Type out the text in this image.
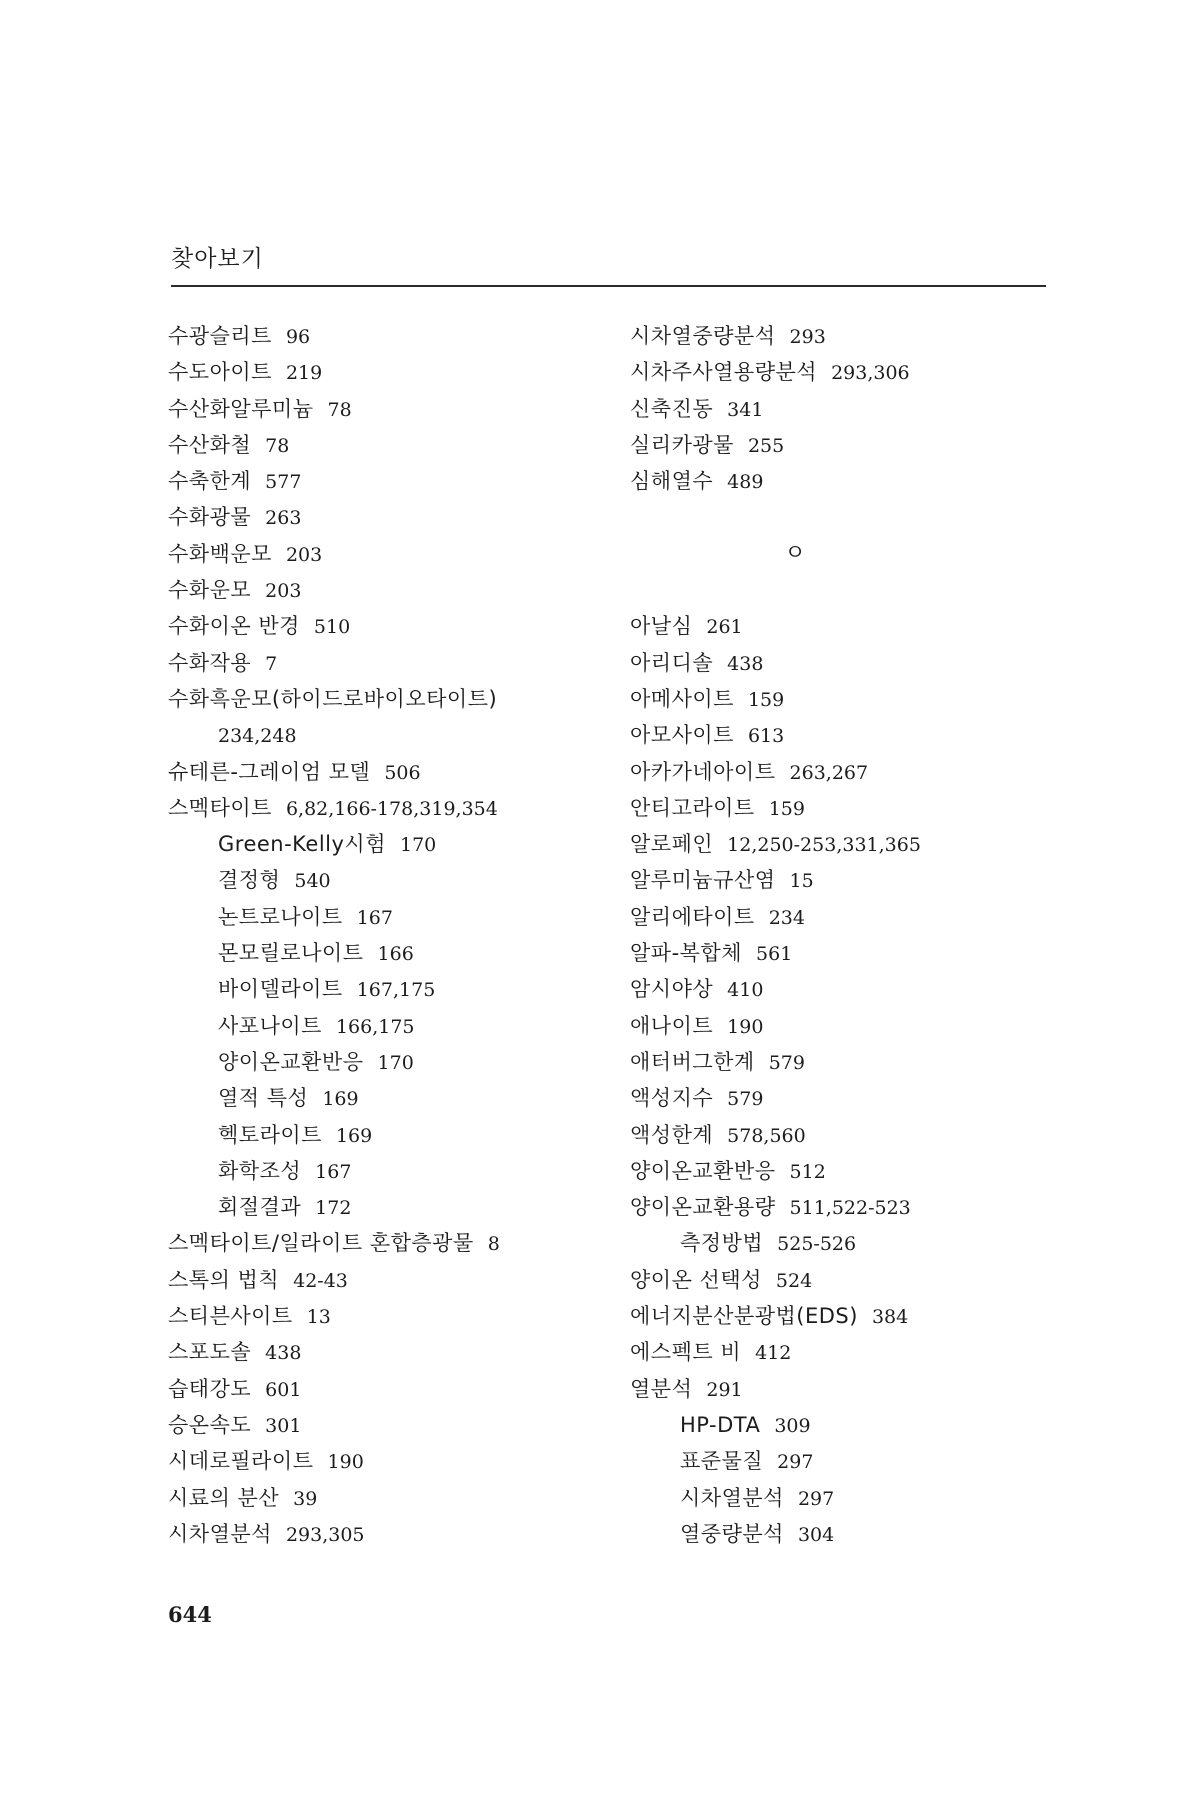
찾아보기
수광슬리트 96
수도아이트 219
수산화알루미늄 78
수산화철 78
수축한계 577
수화광물 263
수화백운모 203
수화운모 203
수화이온 반경 510
수화작용 7
수화흑운모(하이드로바이오타이트)
234,248
슈테른-그레이엄 모델 506
스멕타이트 6,82,166-178,319,354
Green-Kelly시험 170
결정형 540
논트로나이트 167
몬모릴로나이트 166
바이델라이트 167,175
사포나이트 166,175
양이온교환반응 170
열적 특성 169
헥토라이트 169
화학조성 167
회절결과 172
스멕타이트/일라이트 혼합층광물 8
스톡의 법칙 42-43
스티븐사이트 13
스포도솔 438
습태강도 601
승온속도 301
시데로필라이트 190
시료의 분산 39
시차열분석 293,305
시차열중량분석 293
시차주사열용량분석 293,306
신축진동 341
실리카광물 255
심해열수 489
ㅇ
아날심 261
아리디솔 438
아메사이트 159
아모사이트 613
아카가네아이트 263,267
안티고라이트 159
알로페인 12,250-253,331,365
알루미늄규산염 15
알리에타이트 234
알파-복합체 561
암시야상 410
애나이트 190
애터버그한계 579
액성지수 579
액성한계 578,560
양이온교환반응 512
양이온교환용량 511,522-523
측정방법 525-526
양이온 선택성 524
에너지분산분광법(EDS) 384
에스펙트 비 412
열분석 291
HP-DTA 309
표준물질 297
시차열분석 297
열중량분석 304
644
